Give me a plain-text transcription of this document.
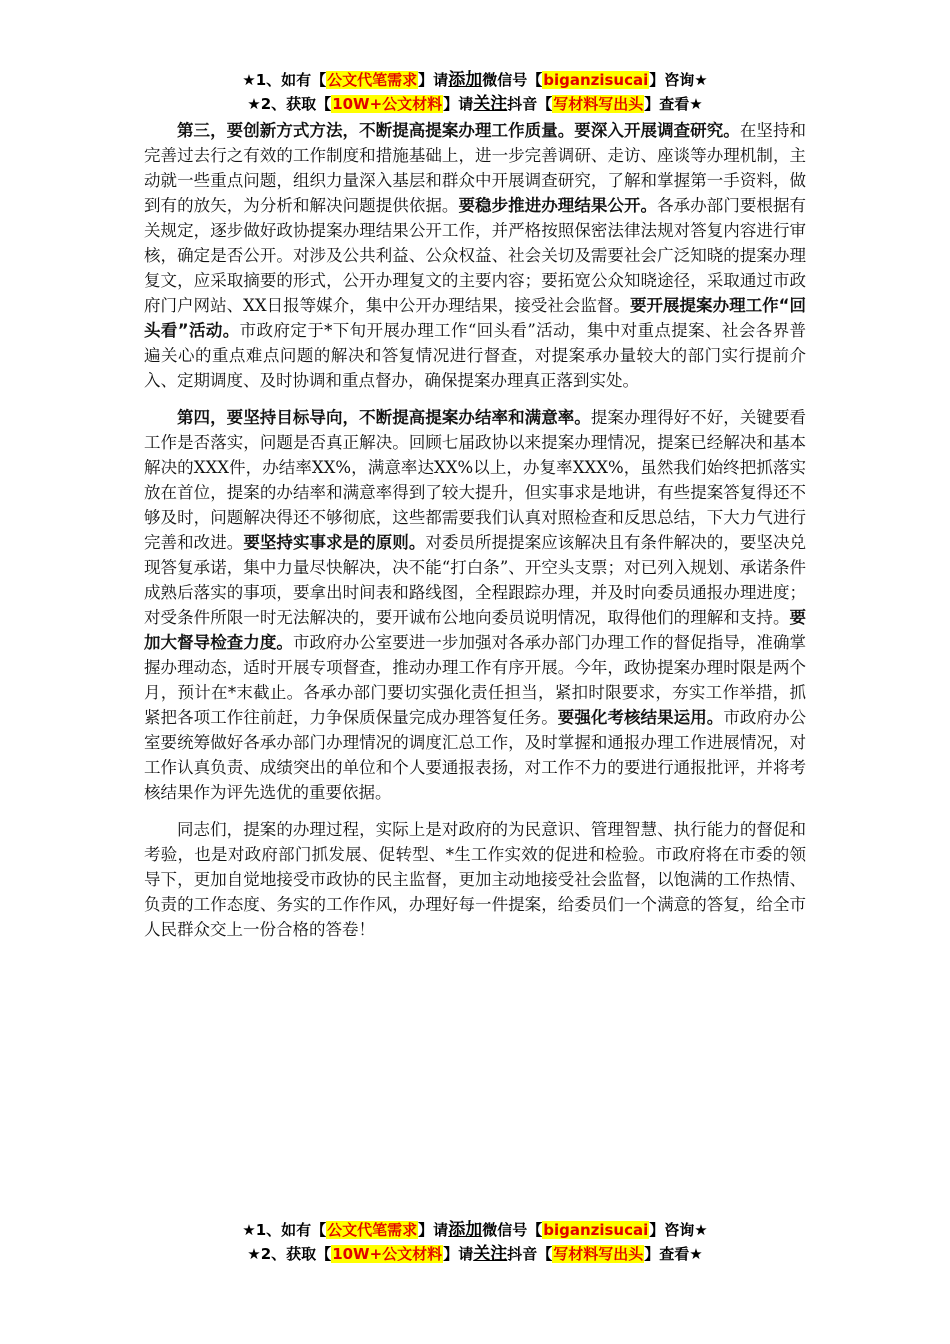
★1、如有【公文代笔需求】请添加微信号【biganzisucai】咨询★
★2、获取【10W+公文材料】请关注抖音【写材料写出头】查看★

第三，要创新方式方法，不断提高提案办理工作质量。要深入开展调查研究。在坚持和完善过去行之有效的工作制度和措施基础上，进一步完善调研、走访、座谈等办理机制，主动就一些重点问题，组织力量深入基层和群众中开展调查研究，了解和掌握第一手资料，做到有的放矢，为分析和解决问题提供依据。要稳步推进办理结果公开。各承办部门要根据有关规定，逐步做好政协提案办理结果公开工作，并严格按照保密法律法规对答复内容进行审核，确定是否公开。对涉及公共利益、公众权益、社会关切及需要社会广泛知晓的提案办理复文，应采取摘要的形式，公开办理复文的主要内容；要拓宽公众知晓途径，采取通过市政府门户网站、XX日报等媒介，集中公开办理结果，接受社会监督。要开展提案办理工作“回头看”活动。市政府定于*下旬开展办理工作“回头看”活动，集中对重点提案、社会各界普遍关心的重点难点问题的解决和答复情况进行督查，对提案承办量较大的部门实行提前介入、定期调度、及时协调和重点督办，确保提案办理真正落到实处。

第四，要坚持目标导向，不断提高提案办结率和满意率。提案办理得好不好，关键要看工作是否落实，问题是否真正解决。回顾七届政协以来提案办理情况，提案已经解决和基本解决的XXX件，办结率XX%，满意率达XX%以上，办复率XXX%，虽然我们始终把抓落实放在首位，提案的办结率和满意率得到了较大提升，但实事求是地讲，有些提案答复得还不够及时，问题解决得还不够彻底，这些都需要我们认真对照检查和反思总结，下大力气进行完善和改进。要坚持实事求是的原则。对委员所提提案应该解决且有条件解决的，要坚决兑现答复承诺，集中力量尽快解决，决不能“打白条”、开空头支票；对已列入规划、承诺条件成熟后落实的事项，要拿出时间表和路线图，全程跟踪办理，并及时向委员通报办理进度；对受条件所限一时无法解决的，要开诚布公地向委员说明情况，取得他们的理解和支持。要加大督导检查力度。市政府办公室要进一步加强对各承办部门办理工作的督促指导，准确掌握办理动态，适时开展专项督查，推动办理工作有序开展。今年，政协提案办理时限是两个月，预计在*末截止。各承办部门要切实强化责任担当，紧扣时限要求，夯实工作举措，抓紧把各项工作往前赶，力争保质保量完成办理答复任务。要强化考核结果运用。市政府办公室要统筹做好各承办部门办理情况的调度汇总工作，及时掌握和通报办理工作进展情况，对工作认真负责、成绩突出的单位和个人要通报表扬，对工作不力的要进行通报批评，并将考核结果作为评先选优的重要依据。

同志们，提案的办理过程，实际上是对政府的为民意识、管理智慧、执行能力的督促和考验，也是对政府部门抓发展、促转型、*生工作实效的促进和检验。市政府将在市委的领导下，更加自觉地接受市政协的民主监督，更加主动地接受社会监督，以饱满的工作热情、负责的工作态度、务实的工作作风，办理好每一件提案，给委员们一个满意的答复，给全市人民群众交上一份合格的答卷！

★1、如有【公文代笔需求】请添加微信号【biganzisucai】咨询★
★2、获取【10W+公文材料】请关注抖音【写材料写出头】查看★
